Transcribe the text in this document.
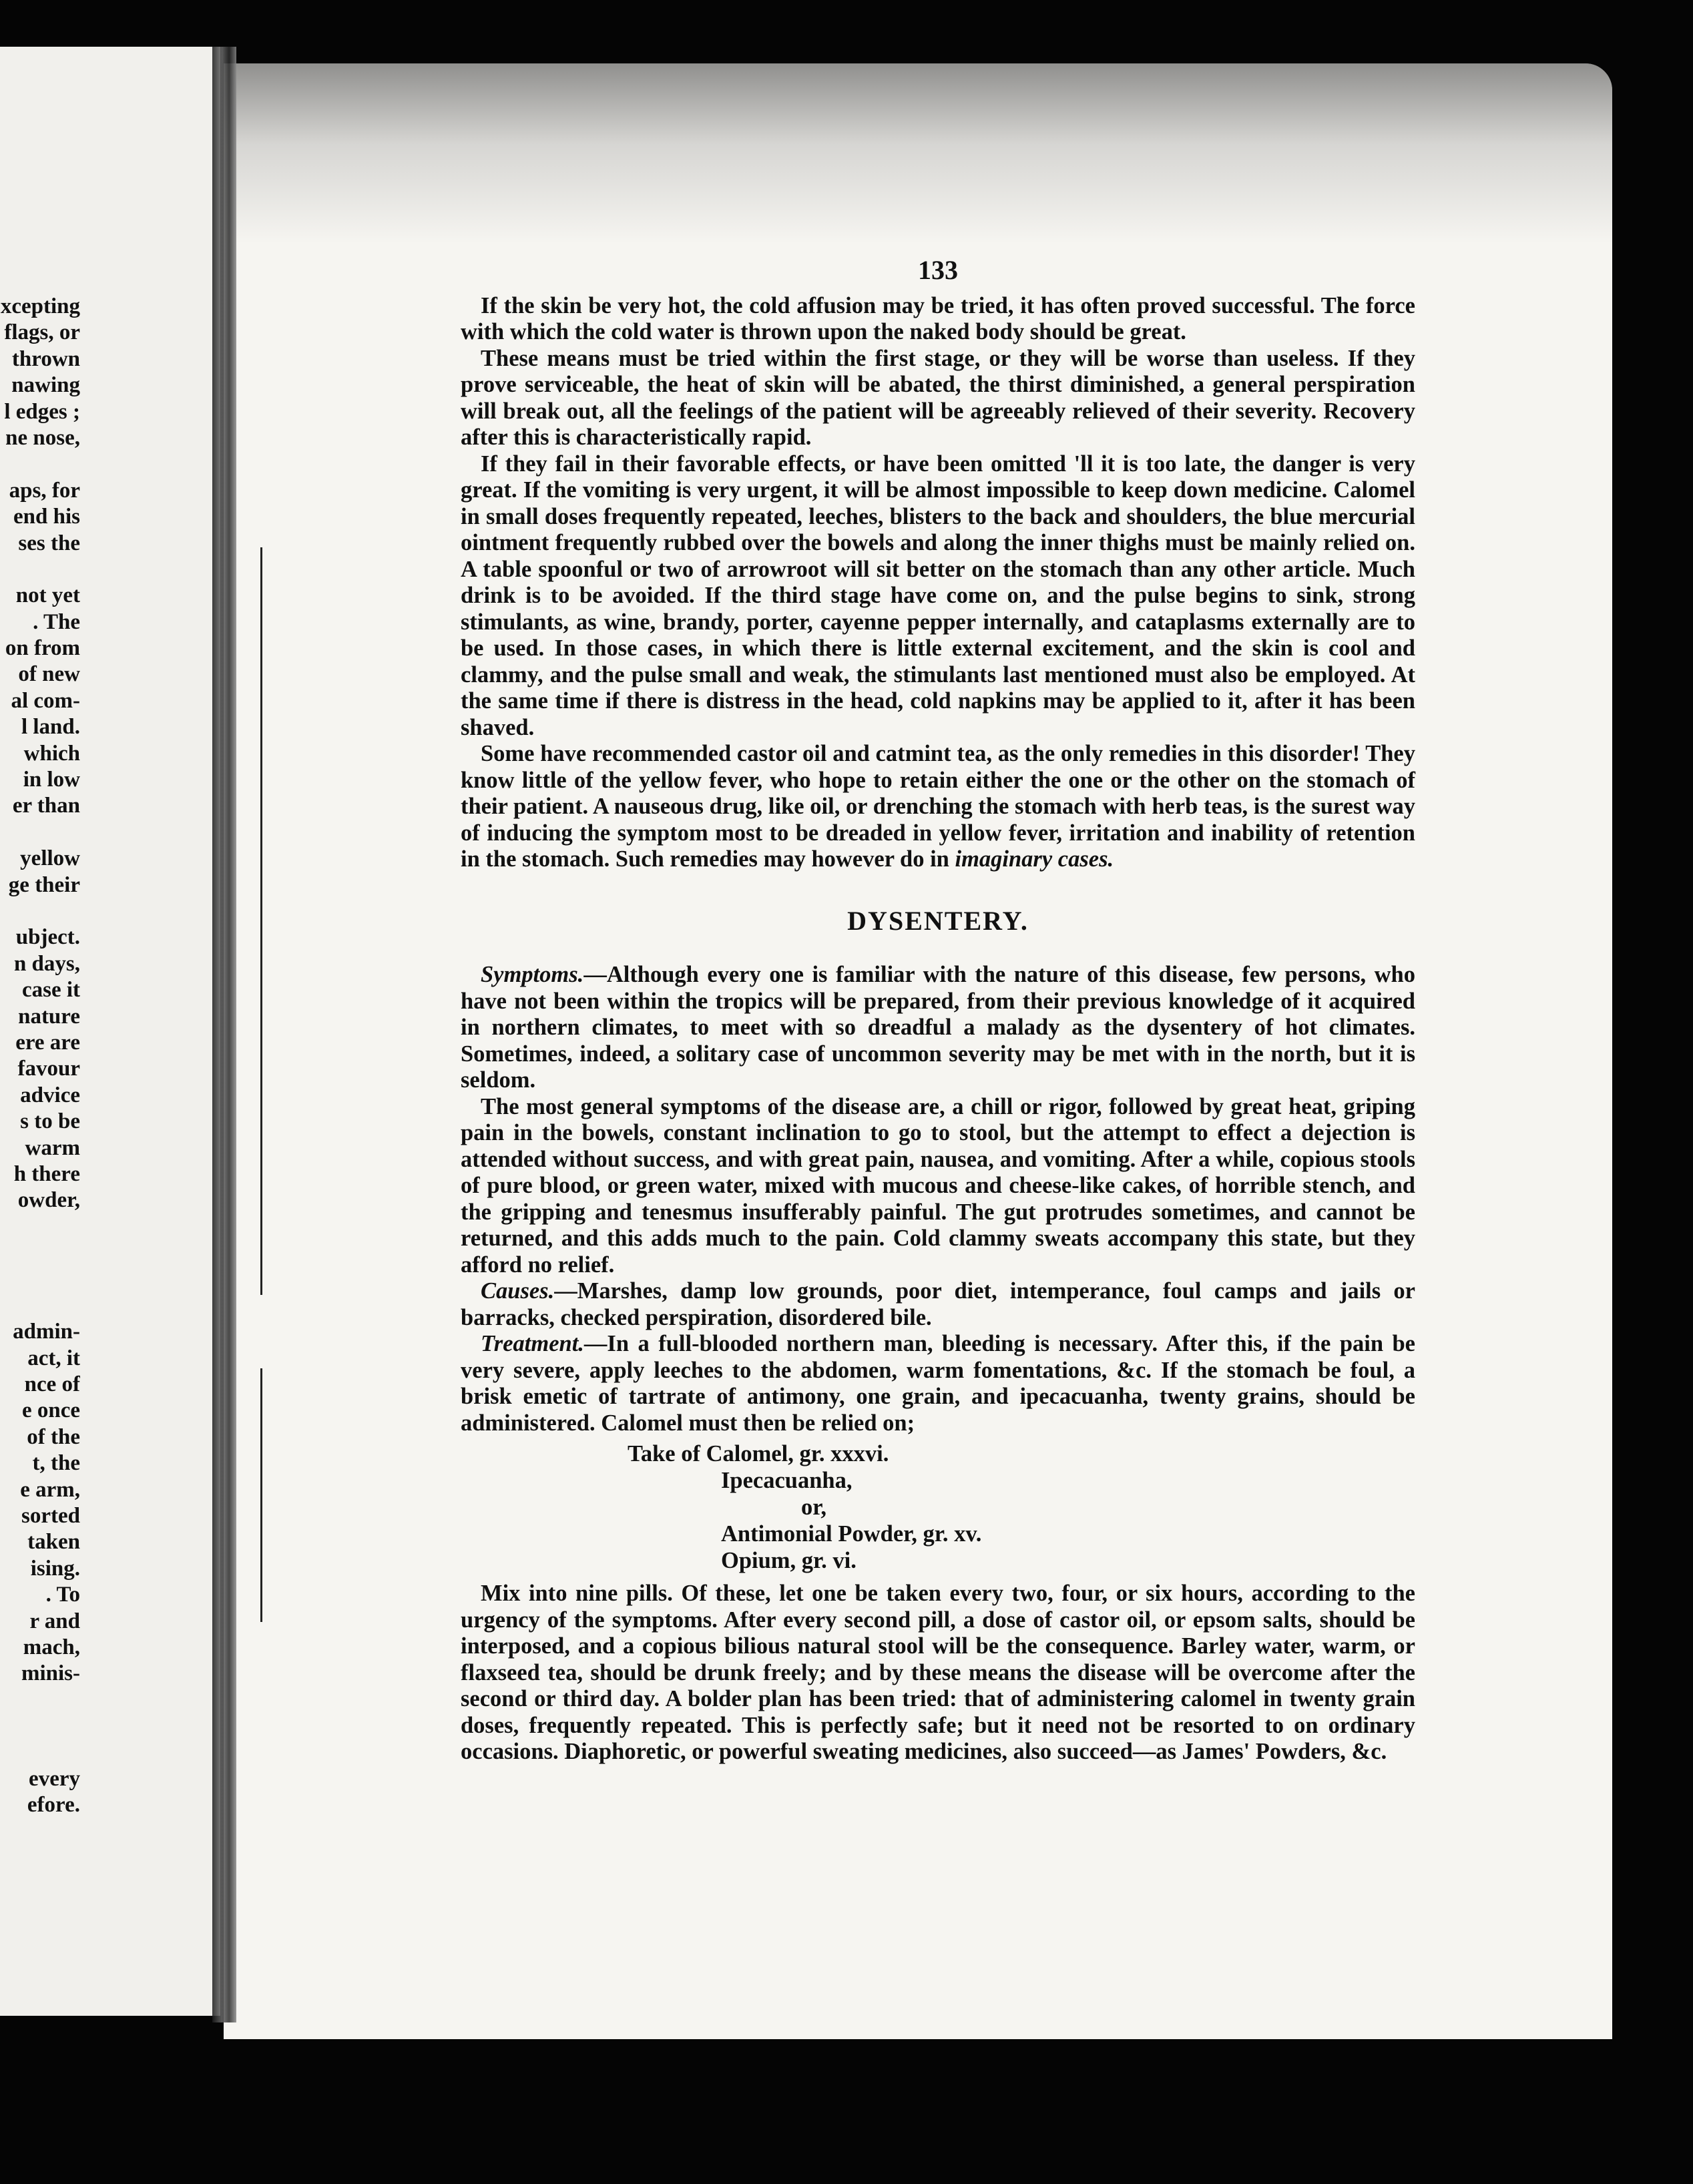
xcepting
flags, or
thrown
nawing
l edges ;
ne nose,
aps, for
end his
ses the
not yet
. The
on from
of new
al com-
l land.
which
in low
er than
yellow
ge their
ubject.
n days,
case it
nature
ere are
favour
advice
s to be
warm
h there
owder,
admin-
act, it
nce of
e once
of the
t, the
e arm,
sorted
taken
ising.
. To
r and
mach,
minis-
every
efore.
133

If the skin be very hot, the cold affusion may be tried, it has often proved successful. The force with which the cold water is thrown upon the naked body should be great.

These means must be tried within the first stage, or they will be worse than useless. If they prove serviceable, the heat of skin will be abated, the thirst diminished, a general perspiration will break out, all the feelings of the patient will be agreeably relieved of their severity. Recovery after this is characteristically rapid.

If they fail in their favorable effects, or have been omitted 'll it is too late, the danger is very great. If the vomiting is very urgent, it will be almost impossible to keep down medicine. Calomel in small doses frequently repeated, leeches, blisters to the back and shoulders, the blue mercurial ointment frequently rubbed over the bowels and along the inner thighs must be mainly relied on. A table spoonful or two of arrowroot will sit better on the stomach than any other article. Much drink is to be avoided. If the third stage have come on, and the pulse begins to sink, strong stimulants, as wine, brandy, porter, cayenne pepper internally, and cataplasms externally are to be used. In those cases, in which there is little external excitement, and the skin is cool and clammy, and the pulse small and weak, the stimulants last mentioned must also be employed. At the same time if there is distress in the head, cold napkins may be applied to it, after it has been shaved.

Some have recommended castor oil and catmint tea, as the only remedies in this disorder! They know little of the yellow fever, who hope to retain either the one or the other on the stomach of their patient. A nauseous drug, like oil, or drenching the stomach with herb teas, is the surest way of inducing the symptom most to be dreaded in yellow fever, irritation and inability of retention in the stomach. Such remedies may however do in imaginary cases.

DYSENTERY.

Symptoms.—Although every one is familiar with the nature of this disease, few persons, who have not been within the tropics will be prepared, from their previous knowledge of it acquired in northern climates, to meet with so dreadful a malady as the dysentery of hot climates. Sometimes, indeed, a solitary case of uncommon severity may be met with in the north, but it is seldom.

The most general symptoms of the disease are, a chill or rigor, followed by great heat, griping pain in the bowels, constant inclination to go to stool, but the attempt to effect a dejection is attended without success, and with great pain, nausea, and vomiting. After a while, copious stools of pure blood, or green water, mixed with mucous and cheese-like cakes, of horrible stench, and the gripping and tenesmus insufferably painful. The gut protrudes sometimes, and cannot be returned, and this adds much to the pain. Cold clammy sweats accompany this state, but they afford no relief.

Causes.—Marshes, damp low grounds, poor diet, intemperance, foul camps and jails or barracks, checked perspiration, disordered bile.

Treatment.—In a full-blooded northern man, bleeding is necessary. After this, if the pain be very severe, apply leeches to the abdomen, warm fomentations, &c. If the stomach be foul, a brisk emetic of tartrate of antimony, one grain, and ipecacuanha, twenty grains, should be administered. Calomel must then be relied on;

Take of Calomel, gr. xxxvi.
Ipecacuanha,
or,
Antimonial Powder, gr. xv.
Opium, gr. vi.

Mix into nine pills. Of these, let one be taken every two, four, or six hours, according to the urgency of the symptoms. After every second pill, a dose of castor oil, or epsom salts, should be interposed, and a copious bilious natural stool will be the consequence. Barley water, warm, or flaxseed tea, should be drunk freely; and by these means the disease will be overcome after the second or third day. A bolder plan has been tried: that of administering calomel in twenty grain doses, frequently repeated. This is perfectly safe; but it need not be resorted to on ordinary occasions. Diaphoretic, or powerful sweating medicines, also succeed—as James' Powders, &c.
